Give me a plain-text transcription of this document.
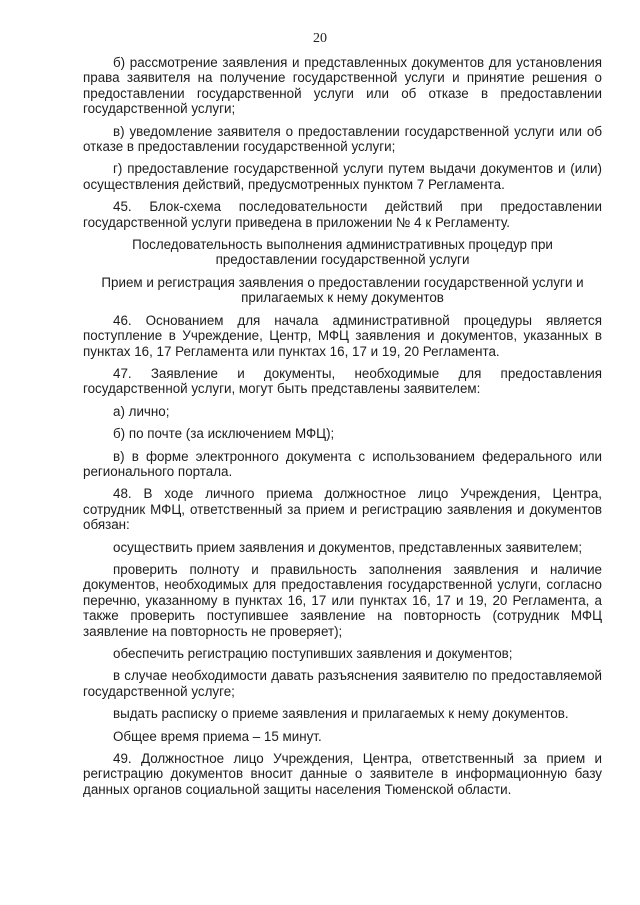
20

б) рассмотрение заявления и представленных документов для установления права заявителя на получение государственной услуги и принятие решения о предоставлении государственной услуги или об отказе в предоставлении государственной услуги;

в) уведомление заявителя о предоставлении государственной услуги или об отказе в предоставлении государственной услуги;

г) предоставление государственной услуги путем выдачи документов и (или) осуществления действий, предусмотренных пунктом 7 Регламента.

45. Блок-схема последовательности действий при предоставлении государственной услуги приведена в приложении № 4 к Регламенту.

Последовательность выполнения административных процедур при предоставлении государственной услуги

Прием и регистрация заявления о предоставлении государственной услуги и прилагаемых к нему документов

46. Основанием для начала административной процедуры является поступление в Учреждение, Центр, МФЦ заявления и документов, указанных в пунктах 16, 17 Регламента или пунктах 16, 17 и 19, 20 Регламента.

47. Заявление и документы, необходимые для предоставления государственной услуги, могут быть представлены заявителем:

а) лично;

б) по почте (за исключением МФЦ);

в) в форме электронного документа с использованием федерального или регионального портала.

48. В ходе личного приема должностное лицо Учреждения, Центра, сотрудник МФЦ, ответственный за прием и регистрацию заявления и документов обязан:

осуществить прием заявления и документов, представленных заявителем;

проверить полноту и правильность заполнения заявления и наличие документов, необходимых для предоставления государственной услуги, согласно перечню, указанному в пунктах 16, 17 или пунктах 16, 17 и 19, 20 Регламента, а также проверить поступившее заявление на повторность (сотрудник МФЦ заявление на повторность не проверяет);

обеспечить регистрацию поступивших заявления и документов;

в случае необходимости давать разъяснения заявителю по предоставляемой государственной услуге;

выдать расписку о приеме заявления и прилагаемых к нему документов.

Общее время приема – 15 минут.

49. Должностное лицо Учреждения, Центра, ответственный за прием и регистрацию документов вносит данные о заявителе в информационную базу данных органов социальной защиты населения Тюменской области.
